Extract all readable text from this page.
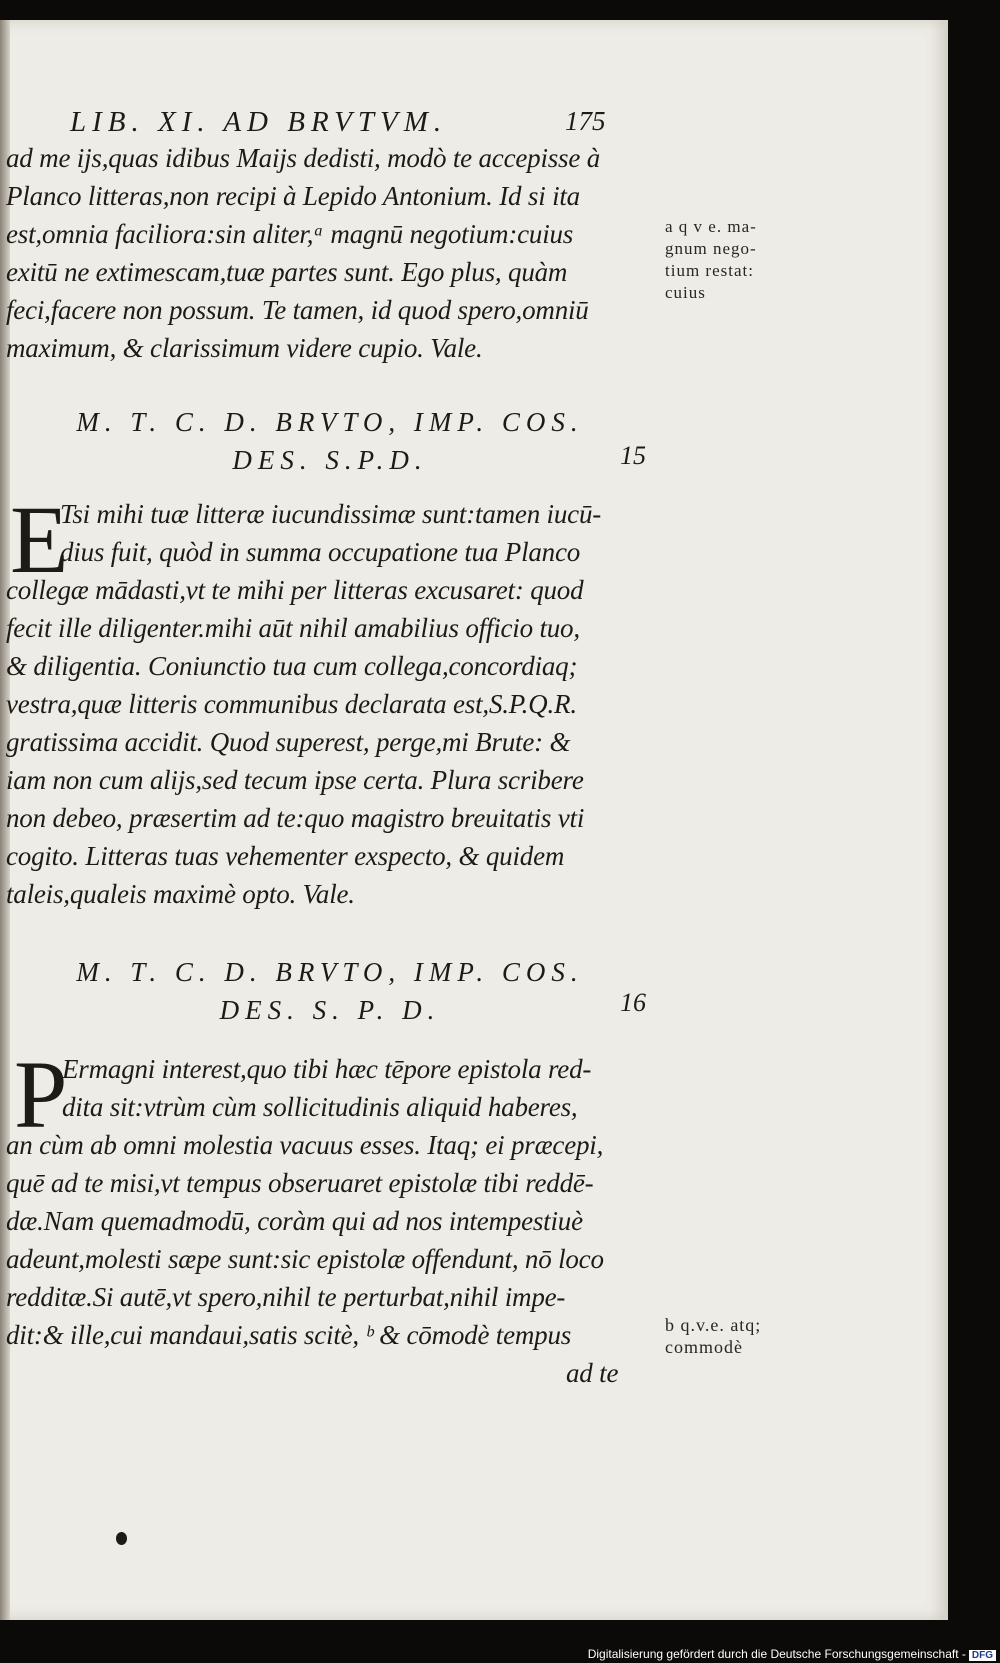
LIB. XI. AD BRVTVM.	175

ad me ijs,quas idibus Maijs dedisti, modò te accepisse à

Planco litteras,non recipi à Lepido Antonium. Id si ita

est,omnia faciliora:sin aliter,ᵃ magnū negotium:cuius

exitū ne extimescam,tuæ partes sunt. Ego plus, quàm

feci,facere non possum. Te tamen, id quod spero,omniū

maximum, & clarissimum videre cupio. Vale.

a q v e. ma-

gnum nego-

tium restat:

cuius

M. T. C. D. BRVTO, IMP. COS.
DES. S.P.D.	15
E

Tsi mihi tuæ litteræ iucundissimæ sunt:tamen iucū-

dius fuit, quòd in summa occupatione tua Planco

collegæ mādasti,vt te mihi per litteras excusaret: quod

fecit ille diligenter.mihi aūt nihil amabilius officio tuo,

& diligentia. Coniunctio tua cum collega,concordiaq;

vestra,quæ litteris communibus declarata est,S.P.Q.R.

gratissima accidit. Quod superest, perge,mi Brute: &

iam non cum alijs,sed tecum ipse certa. Plura scribere

non debeo, præsertim ad te:quo magistro breuitatis vti

cogito. Litteras tuas vehementer exspecto, & quidem

taleis,qualeis maximè opto. Vale.

M. T. C. D. BRVTO, IMP. COS.
DES. S. P. D.	16
P

Ermagni interest,quo tibi hæc tēpore epistola red-

dita sit:vtrùm cùm sollicitudinis aliquid haberes,

an cùm ab omni molestia vacuus esses. Itaq; ei præcepi,

quē ad te misi,vt tempus obseruaret epistolæ tibi reddē-

dæ.Nam quemadmodū, coràm qui ad nos intempestiuè

adeunt,molesti sæpe sunt:sic epistolæ offendunt, nō loco

redditæ.Si autē,vt spero,nihil te perturbat,nihil impe-

dit:& ille,cui mandaui,satis scitè, ᵇ & cōmodè tempus

ad te

b q.v.e. atq;

commodè

Digitalisierung gefördert durch die Deutsche Forschungsgemeinschaft - DFG
